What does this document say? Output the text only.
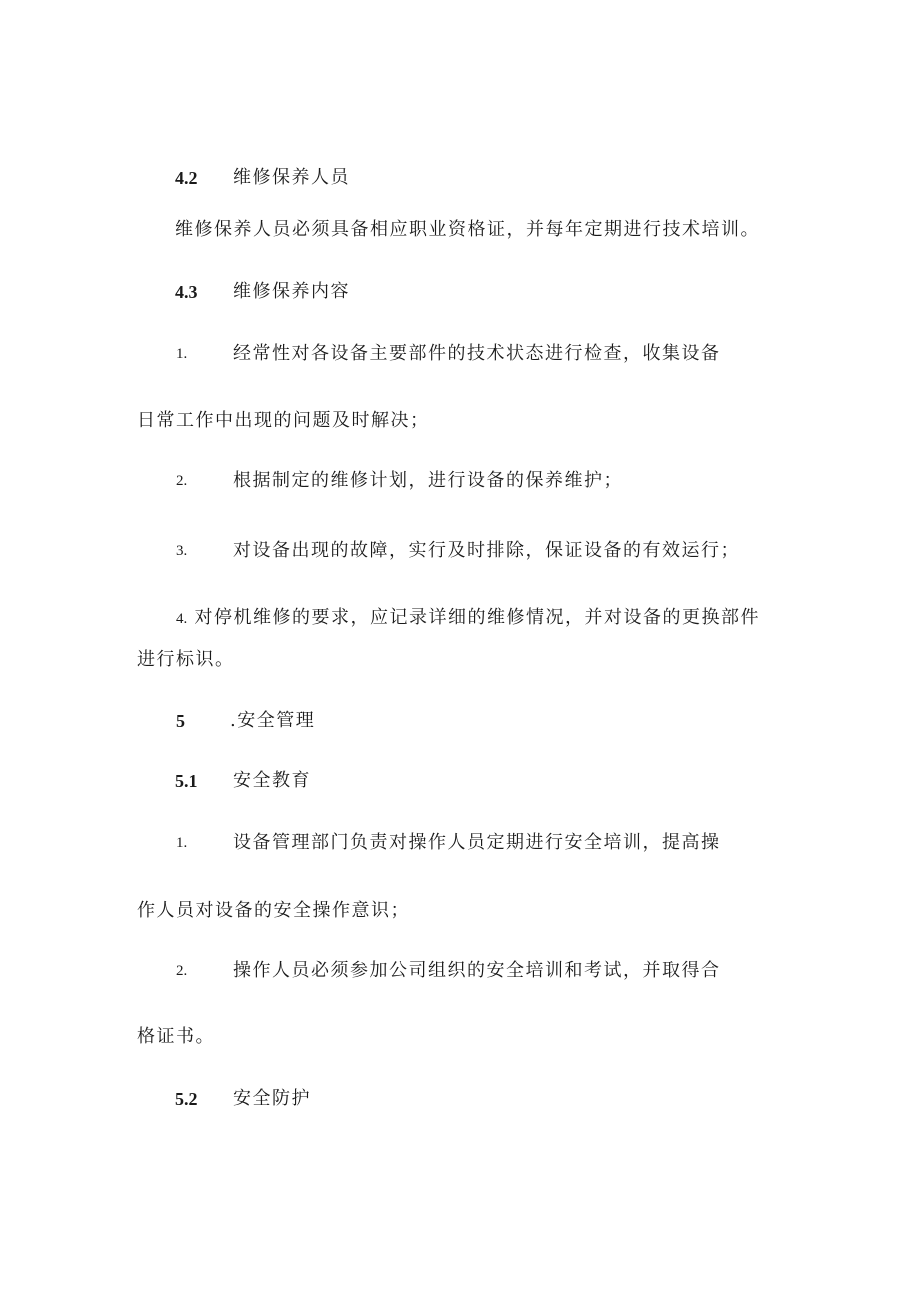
4.2 维修保养人员
维修保养人员必须具备相应职业资格证，并每年定期进行技术培训。
4.3 维修保养内容
1.	经常性对各设备主要部件的技术状态进行检查，收集设备
日常工作中出现的问题及时解决；
2.	根据制定的维修计划，进行设备的保养维护；
3.	对设备出现的故障，实行及时排除，保证设备的有效运行；
4. 对停机维修的要求，应记录详细的维修情况，并对设备的更换部件
进行标识。
5	.安全管理
5.1 安全教育
1.	设备管理部门负责对操作人员定期进行安全培训，提高操
作人员对设备的安全操作意识；
2.	操作人员必须参加公司组织的安全培训和考试，并取得合
格证书。
5.2 安全防护
